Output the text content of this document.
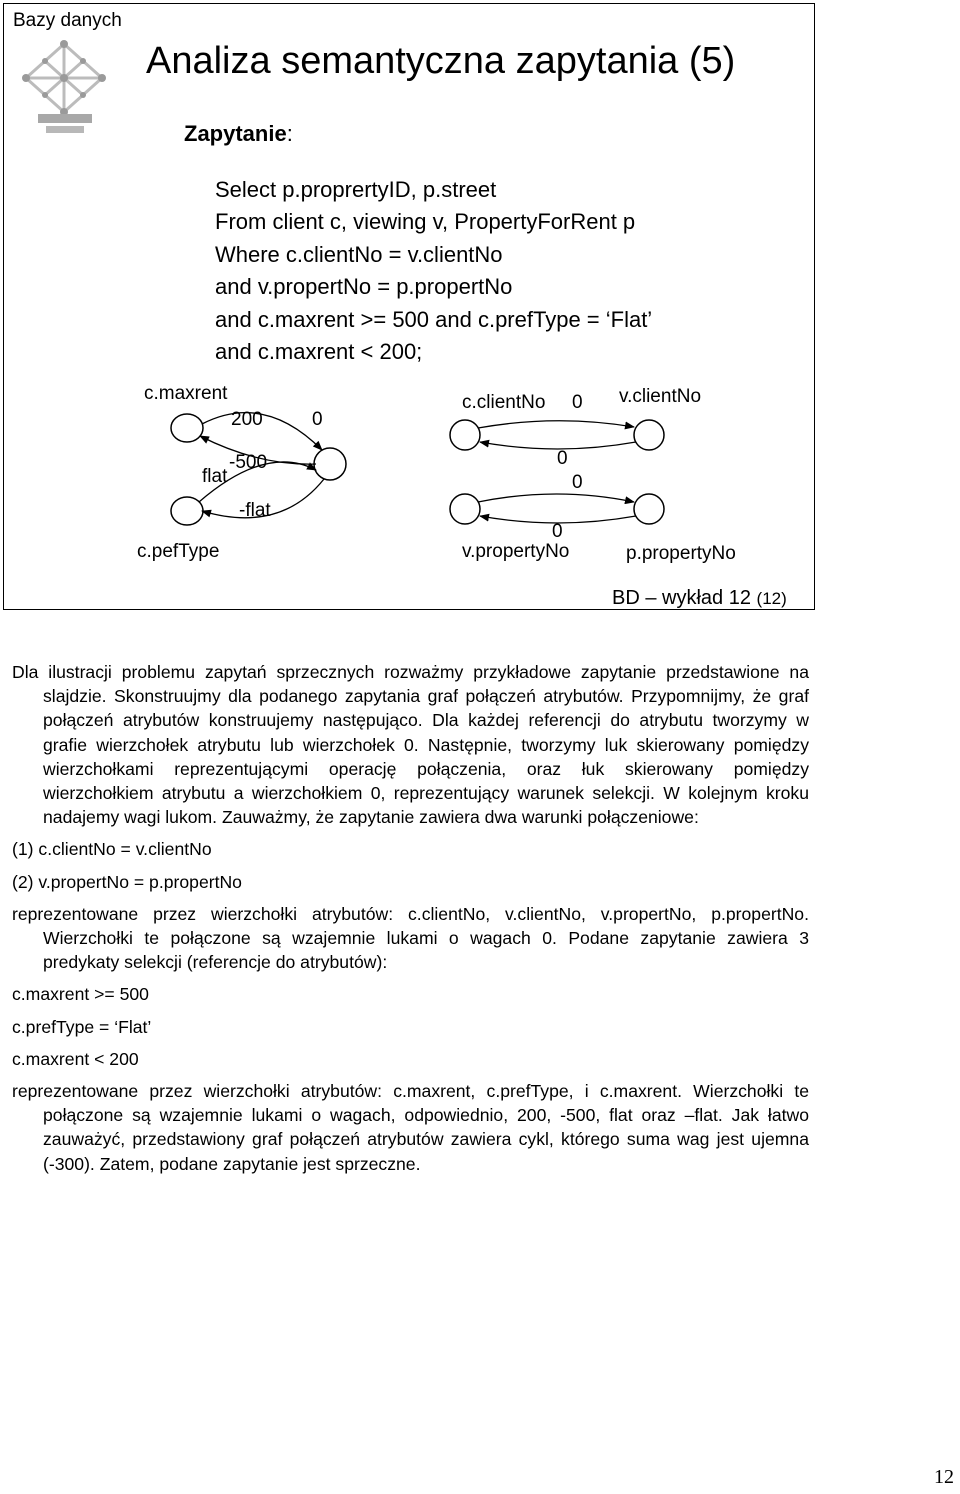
Bazy danych
Analiza semantyczna zapytania (5)
Zapytanie:
Select p.proprertyID, p.street
From client c, viewing v, PropertyForRent p
Where c.clientNo = v.clientNo
and v.propertNo = p.propertNo
and c.maxrent >= 500 and c.prefType = ‘Flat’
and c.maxrent < 200;
c.maxrent
200	0
-500
flat
-flat
c.pefType
c.clientNo 0 v.clientNo
0
0
0
v.propertyNo	p.propertyNo
BD – wykład 12 (12)

Dla ilustracji problemu zapytań sprzecznych rozważmy przykładowe zapytanie przedstawione na slajdzie. Skonstruujmy dla podanego zapytania graf połączeń atrybutów. Przypomnijmy, że graf połączeń atrybutów konstruujemy następująco. Dla każdej referencji do atrybutu tworzymy w grafie wierzchołek atrybutu lub wierzchołek 0. Następnie, tworzymy luk skierowany pomiędzy wierzchołkami reprezentującymi operację połączenia, oraz łuk skierowany pomiędzy wierzchołkiem atrybutu a wierzchołkiem 0, reprezentujący warunek selekcji. W kolejnym kroku nadajemy wagi lukom. Zauważmy, że zapytanie zawiera dwa warunki połączeniowe:

(1) c.clientNo = v.clientNo

(2) v.propertNo = p.propertNo

reprezentowane przez wierzchołki atrybutów: c.clientNo, v.clientNo, v.propertNo, p.propertNo. Wierzchołki te połączone są wzajemnie lukami o wagach 0. Podane zapytanie zawiera 3 predykaty selekcji (referencje do atrybutów):

c.maxrent >= 500

c.prefType = ‘Flat’

c.maxrent < 200

reprezentowane przez wierzchołki atrybutów: c.maxrent, c.prefType, i c.maxrent. Wierzchołki te połączone są wzajemnie lukami o wagach, odpowiednio, 200, -500, flat oraz –flat. Jak łatwo zauważyć, przedstawiony graf połączeń atrybutów zawiera cykl, którego suma wag jest ujemna (-300). Zatem, podane zapytanie jest sprzeczne.

12
